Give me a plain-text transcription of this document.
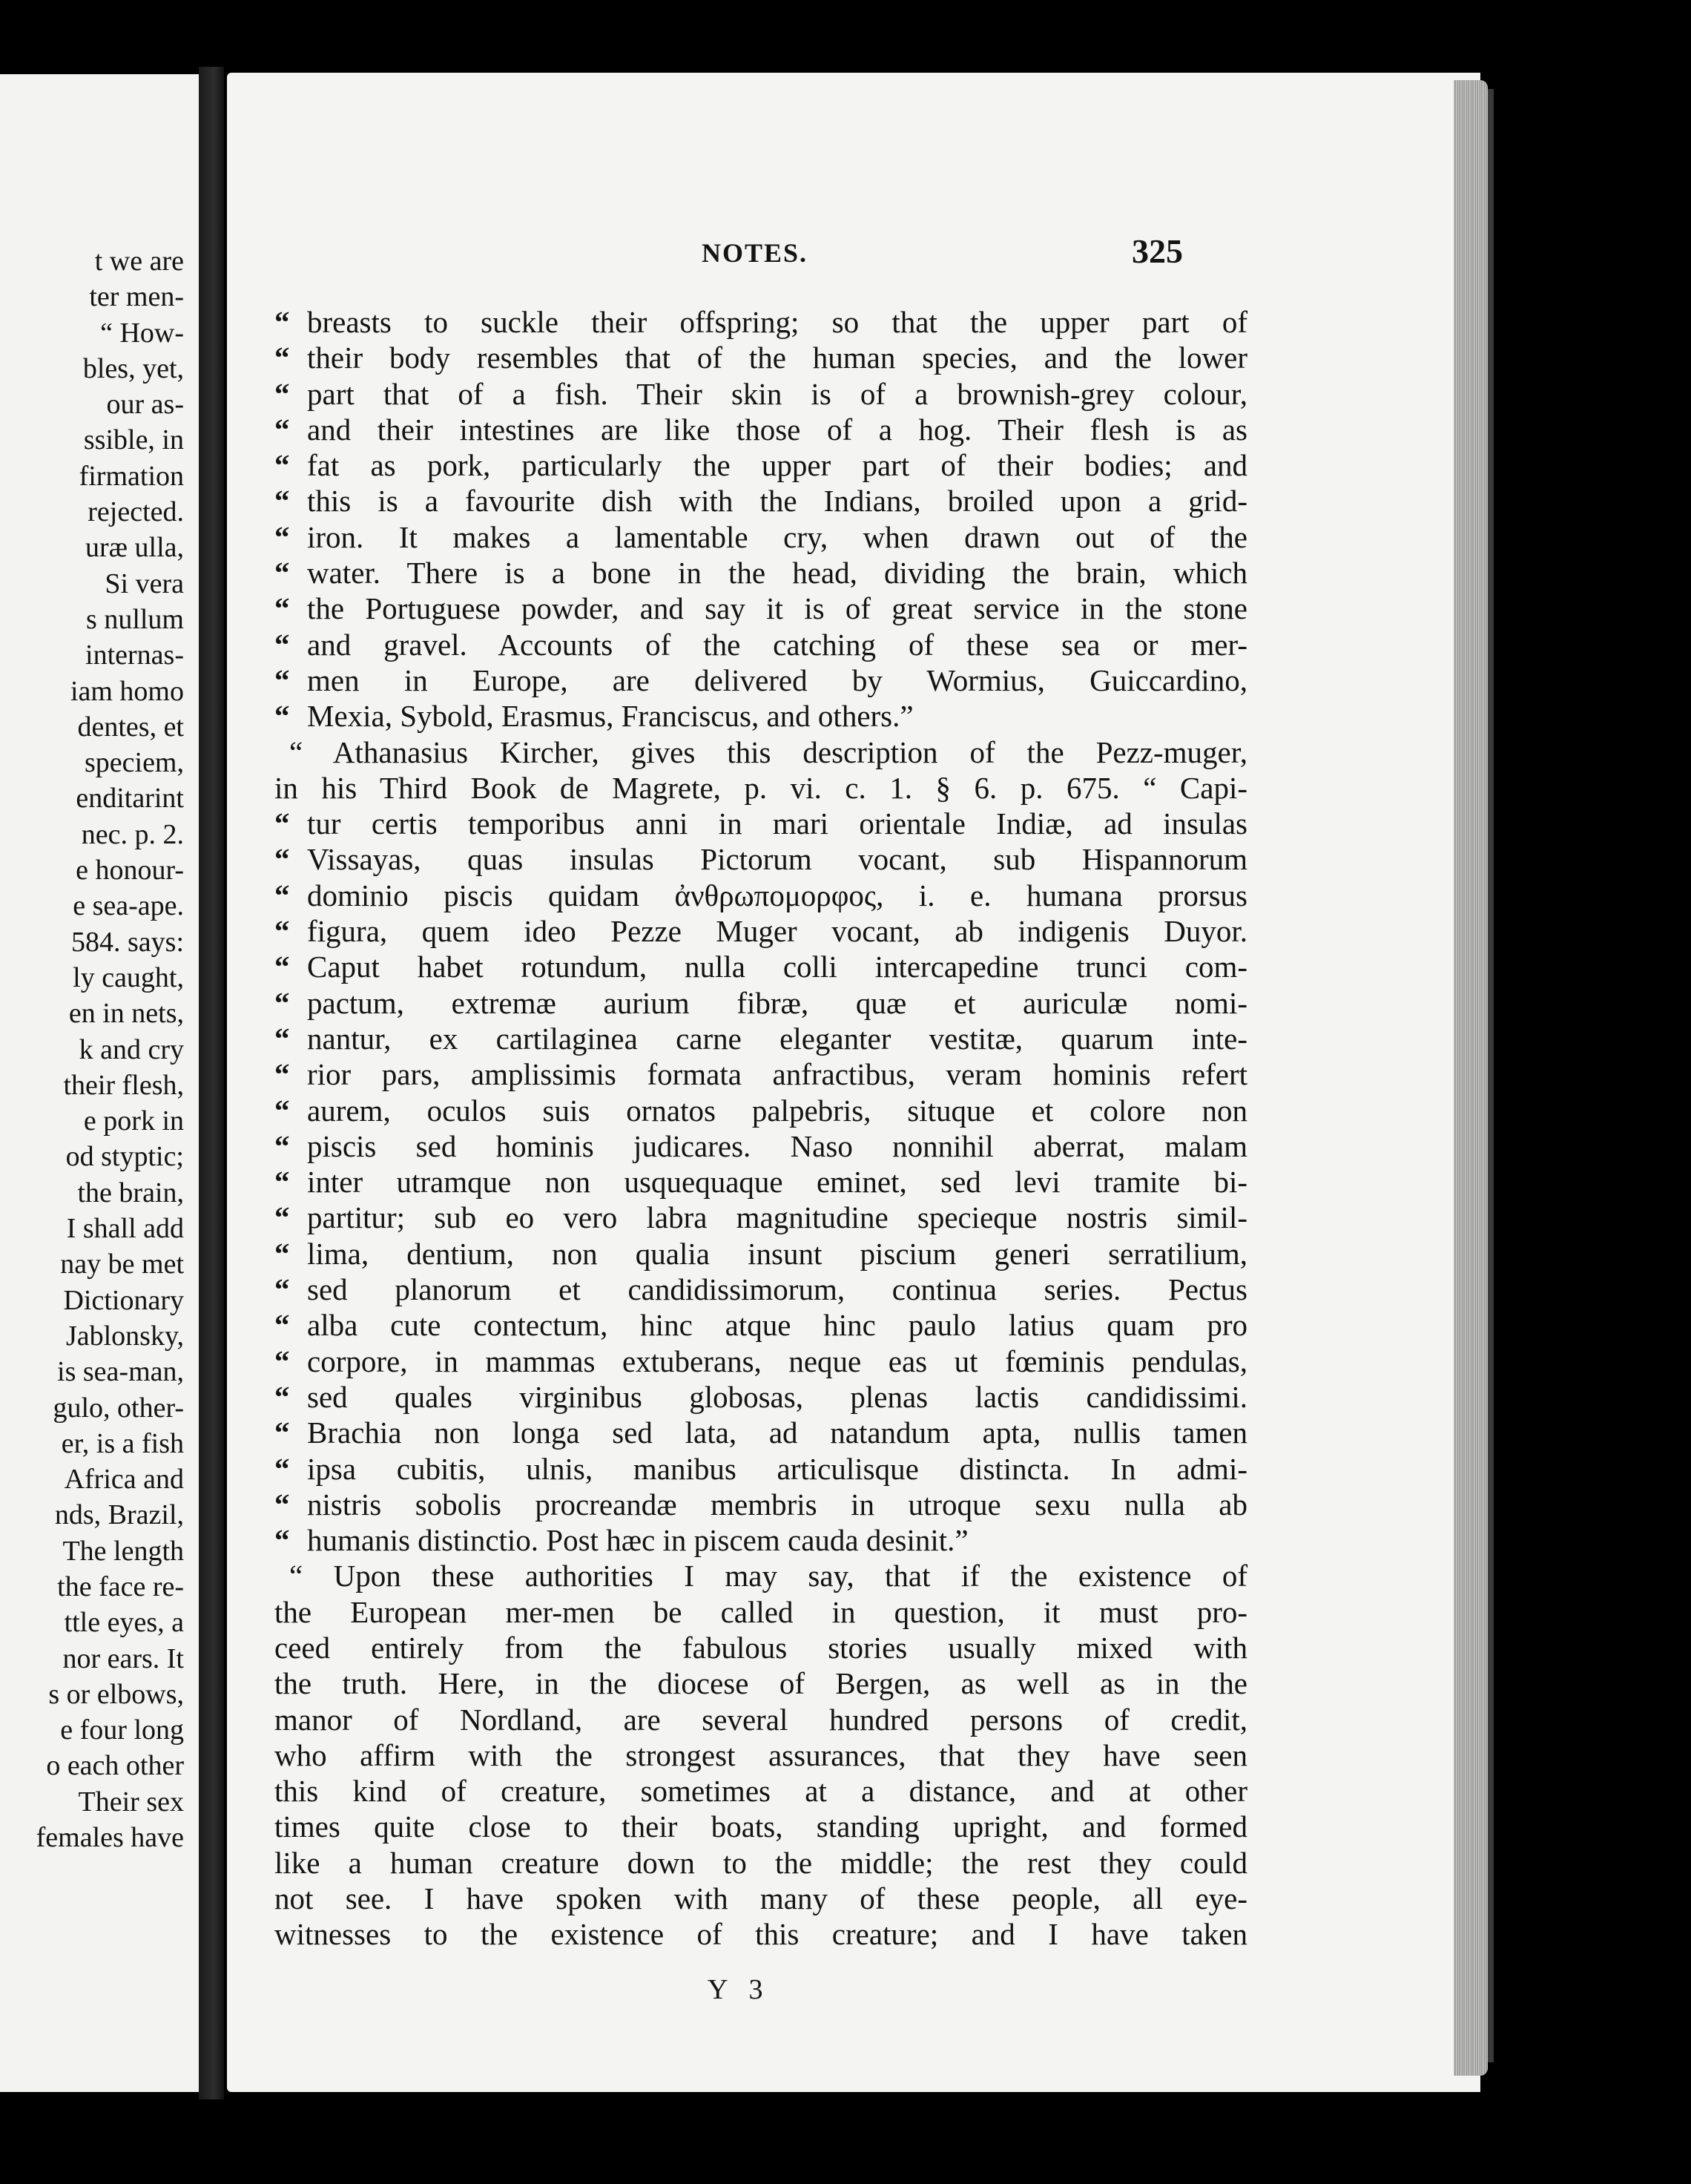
t we are
ter men-
“ How-
bles, yet,
our as-
ssible, in
firmation
rejected.
uræ ulla,
Si vera
s nullum
internas-
iam homo
dentes, et
speciem,
enditarint
nec. p. 2.
e honour-
e sea-ape.
584. says:
ly caught,
en in nets,
k and cry
their flesh,
e pork in
od styptic;
the brain,
I shall add
nay be met
Dictionary
Jablonsky,
is sea-man,
gulo, other-
er, is a fish
Africa and
nds, Brazil,
The length
the face re-
ttle eyes, a
nor ears. It
s or elbows,
e four long
o each other
Their sex
females have
NOTES.	325
“ breasts to suckle their offspring; so that the upper part of
“ their body resembles that of the human species, and the lower
“ part that of a fish. Their skin is of a brownish-grey colour,
“ and their intestines are like those of a hog. Their flesh is as
“ fat as pork, particularly the upper part of their bodies; and
“ this is a favourite dish with the Indians, broiled upon a grid-
“ iron. It makes a lamentable cry, when drawn out of the
“ water. There is a bone in the head, dividing the brain, which
“ the Portuguese powder, and say it is of great service in the stone
“ and gravel. Accounts of the catching of these sea or mer-
“ men in Europe, are delivered by Wormius, Guiccardino,
“ Mexia, Sybold, Erasmus, Franciscus, and others.”
“ Athanasius Kircher, gives this description of the Pezz-muger,
in his Third Book de Magrete, p. vi. c. 1. § 6. p. 675. “ Capi-
“ tur certis temporibus anni in mari orientale Indiæ, ad insulas
“ Vissayas, quas insulas Pictorum vocant, sub Hispannorum
“ dominio piscis quidam ἀνθρωπομορφος, i. e. humana prorsus
“ figura, quem ideo Pezze Muger vocant, ab indigenis Duyor.
“ Caput habet rotundum, nulla colli intercapedine trunci com-
“ pactum, extremæ aurium fibræ, quæ et auriculæ nomi-
“ nantur, ex cartilaginea carne eleganter vestitæ, quarum inte-
“ rior pars, amplissimis formata anfractibus, veram hominis refert
“ aurem, oculos suis ornatos palpebris, situque et colore non
“ piscis sed hominis judicares. Naso nonnihil aberrat, malam
“ inter utramque non usquequaque eminet, sed levi tramite bi-
“ partitur; sub eo vero labra magnitudine specieque nostris simil-
“ lima, dentium, non qualia insunt piscium generi serratilium,
“ sed planorum et candidissimorum, continua series. Pectus
“ alba cute contectum, hinc atque hinc paulo latius quam pro
“ corpore, in mammas extuberans, neque eas ut fœminis pendulas,
“ sed quales virginibus globosas, plenas lactis candidissimi.
“ Brachia non longa sed lata, ad natandum apta, nullis tamen
“ ipsa cubitis, ulnis, manibus articulisque distincta. In admi-
“ nistris sobolis procreandæ membris in utroque sexu nulla ab
“ humanis distinctio. Post hæc in piscem cauda desinit.”
“ Upon these authorities I may say, that if the existence of
the European mer-men be called in question, it must pro-
ceed entirely from the fabulous stories usually mixed with
the truth. Here, in the diocese of Bergen, as well as in the
manor of Nordland, are several hundred persons of credit,
who affirm with the strongest assurances, that they have seen
this kind of creature, sometimes at a distance, and at other
times quite close to their boats, standing upright, and formed
like a human creature down to the middle; the rest they could
not see. I have spoken with many of these people, all eye-
witnesses to the existence of this creature; and I have taken
Y 3
